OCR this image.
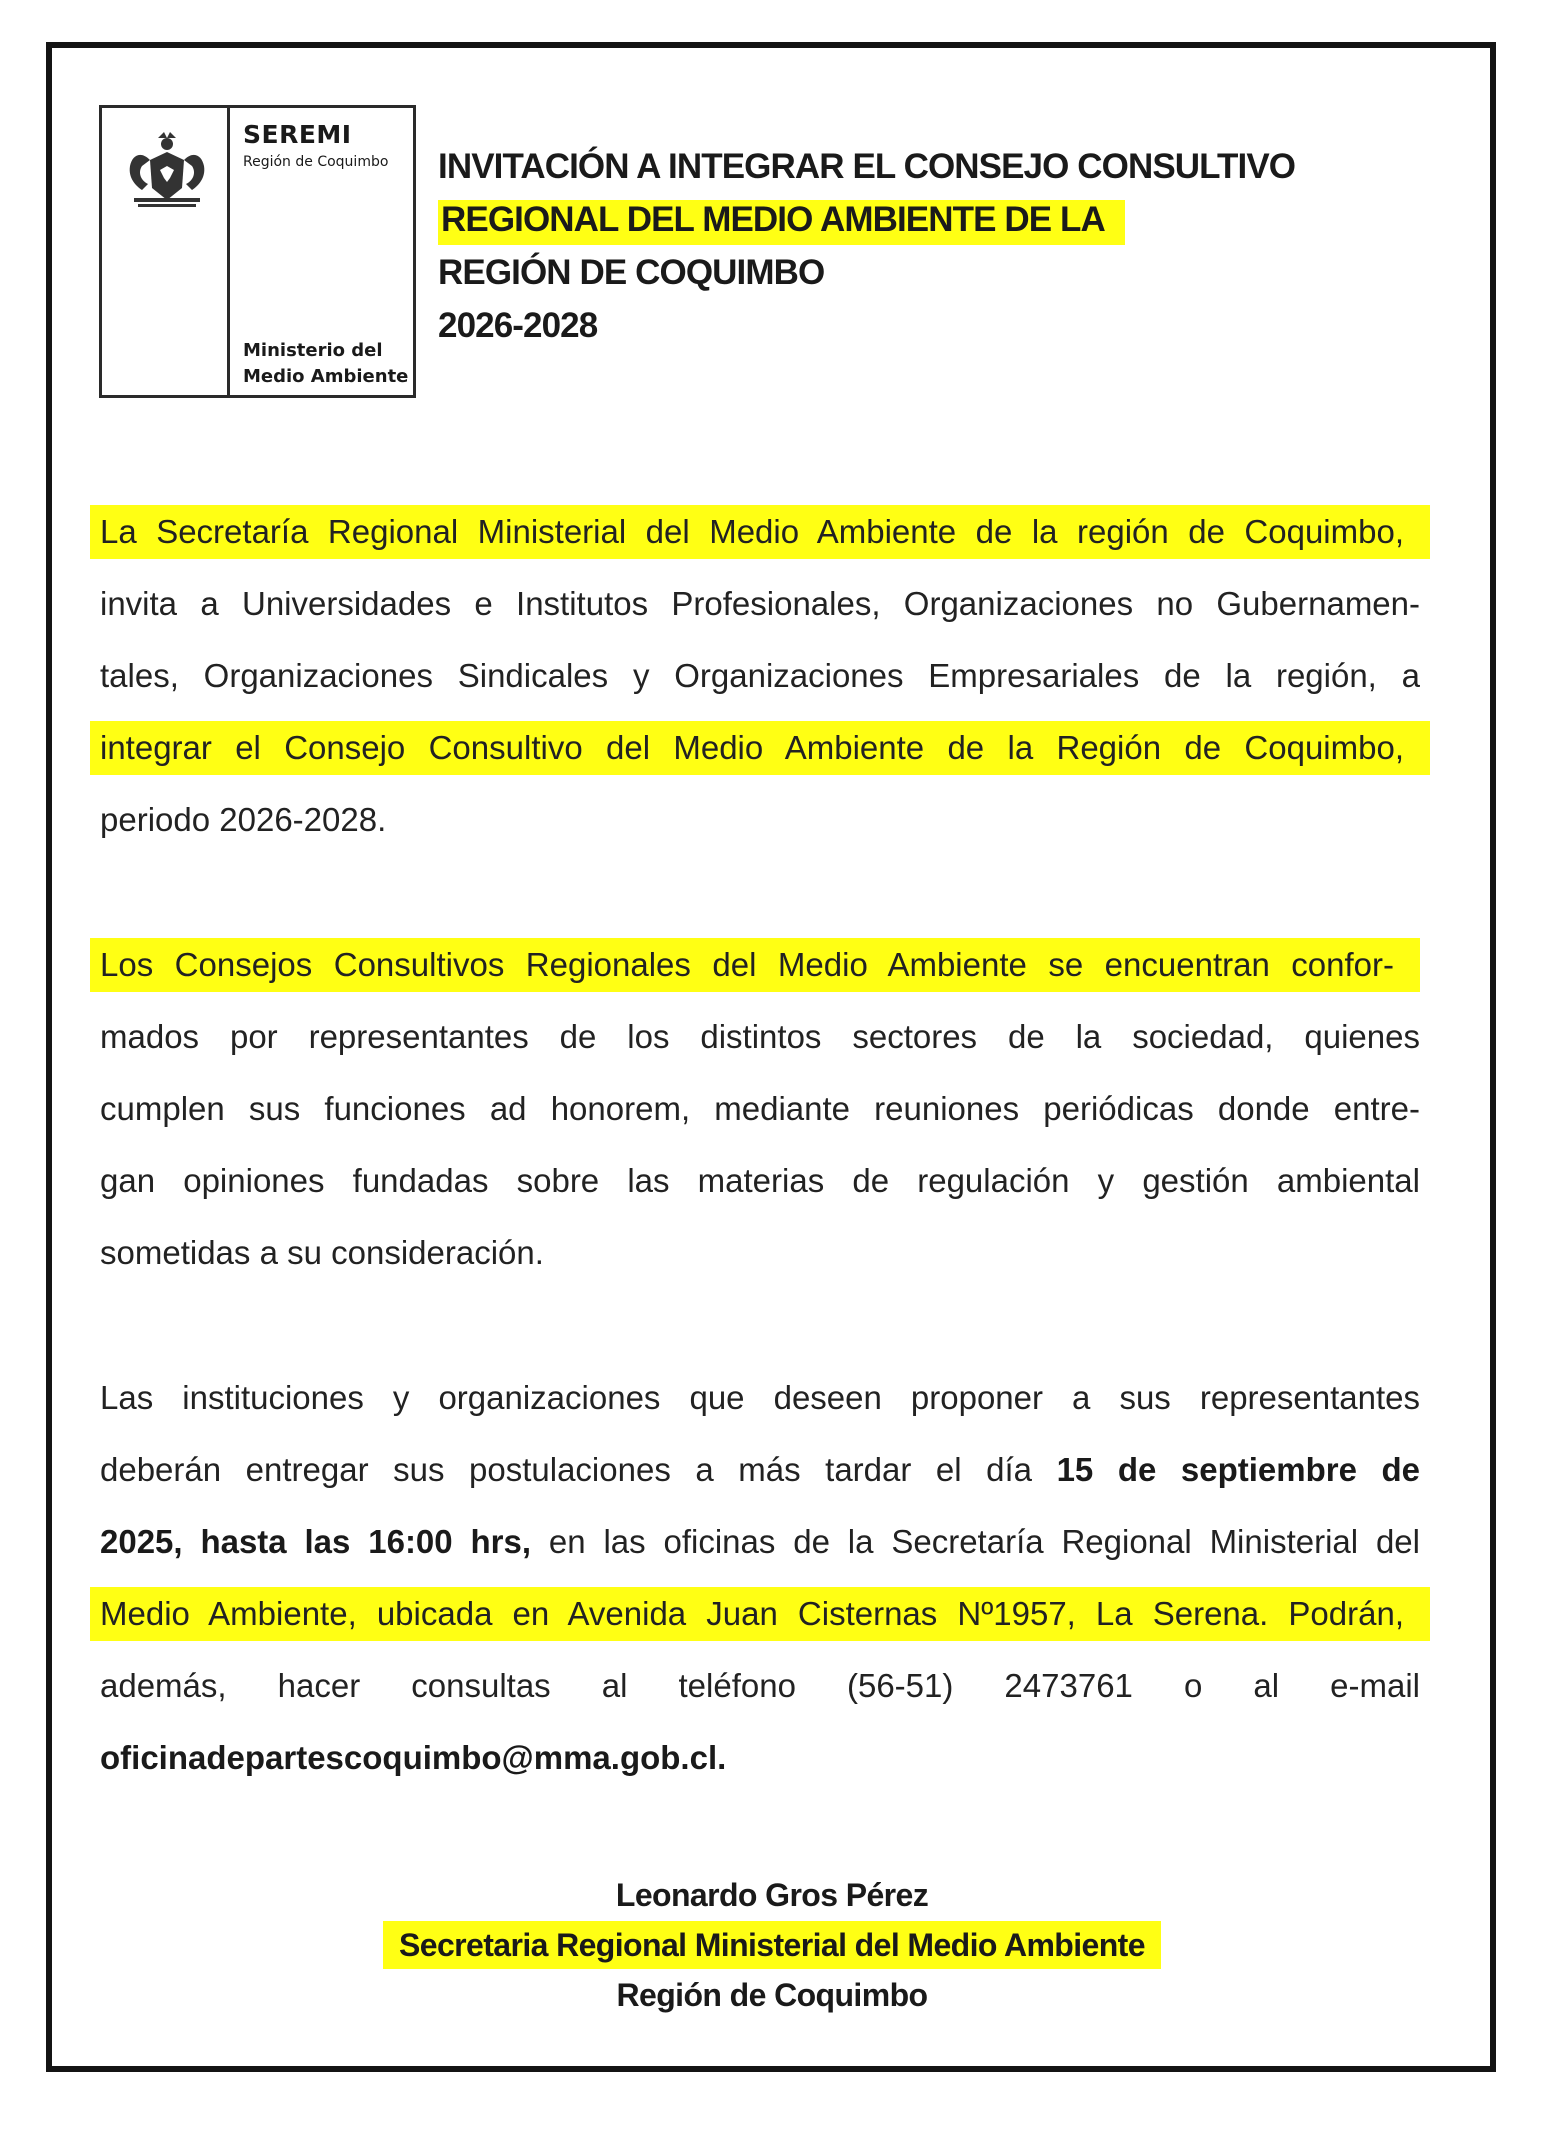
SEREMI
Región de Coquimbo
Ministerio del
Medio Ambiente
INVITACIÓN A INTEGRAR EL CONSEJO CONSULTIVO
REGIONAL DEL MEDIO AMBIENTE DE LA
REGIÓN DE COQUIMBO
2026-2028
La Secretaría Regional Ministerial del Medio Ambiente de la región de Coquimbo,
invita a Universidades e Institutos Profesionales, Organizaciones no Gubernamen-
tales, Organizaciones Sindicales y Organizaciones Empresariales de la región, a
integrar el Consejo Consultivo del Medio Ambiente de la Región de Coquimbo,
periodo 2026-2028.
Los Consejos Consultivos Regionales del Medio Ambiente se encuentran confor-
mados por representantes de los distintos sectores de la sociedad, quienes
cumplen sus funciones ad honorem, mediante reuniones periódicas donde entre-
gan opiniones fundadas sobre las materias de regulación y gestión ambiental
sometidas a su consideración.
Las instituciones y organizaciones que deseen proponer a sus representantes
deberán entregar sus postulaciones a más tardar el día 15 de septiembre de
2025, hasta las 16:00 hrs, en las oficinas de la Secretaría Regional Ministerial del
Medio Ambiente, ubicada en Avenida Juan Cisternas Nº1957, La Serena. Podrán,
además, hacer consultas al teléfono (56-51) 2473761 o al e-mail
oficinadepartescoquimbo@mma.gob.cl.
Leonardo Gros Pérez
Secretaria Regional Ministerial del Medio Ambiente
Región de Coquimbo
